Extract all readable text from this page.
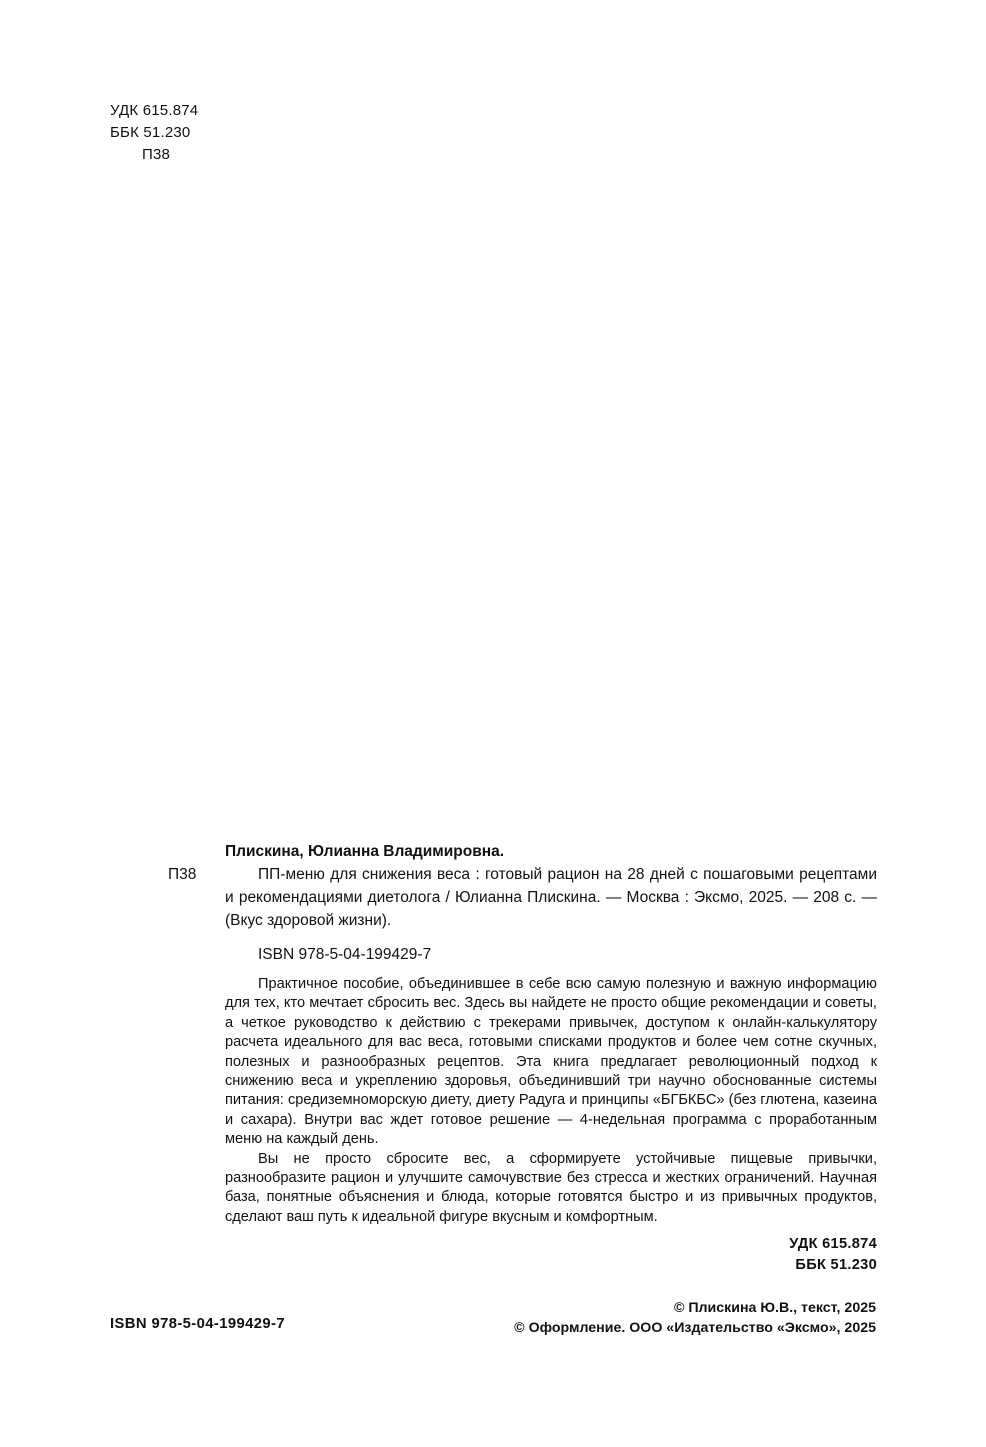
УДК 615.874
ББК 51.230
П38
Плискина, Юлианна Владимировна.
П38	ПП-меню для снижения веса : готовый рацион на 28 дней с пошаговыми рецептами и рекомендациями диетолога / Юлианна Плискина. — Москва : Эксмо, 2025. — 208 с. — (Вкус здоровой жизни).

ISBN 978-5-04-199429-7

Практичное пособие, объединившее в себе всю самую полезную и важную информацию для тех, кто мечтает сбросить вес. Здесь вы найдете не просто общие рекомендации и советы, а четкое руководство к действию с трекерами привычек, доступом к онлайн-калькулятору расчета идеального для вас веса, готовыми списками продуктов и более чем сотне скучных, полезных и разнообразных рецептов. Эта книга предлагает революционный подход к снижению веса и укреплению здоровья, объединивший три научно обоснованные системы питания: средиземноморскую диету, диету Радуга и принципы «БГБКБС» (без глютена, казеина и сахара). Внутри вас ждет готовое решение — 4-недельная программа с проработанным меню на каждый день.

Вы не просто сбросите вес, а сформируете устойчивые пищевые привычки, разнообразите рацион и улучшите самочувствие без стресса и жестких ограничений. Научная база, понятные объяснения и блюда, которые готовятся быстро и из привычных продуктов, сделают ваш путь к идеальной фигуре вкусным и комфортным.

УДК 615.874
ББК 51.230
ISBN 978-5-04-199429-7
© Плискина Ю.В., текст, 2025
© Оформление. ООО «Издательство «Эксмо», 2025
